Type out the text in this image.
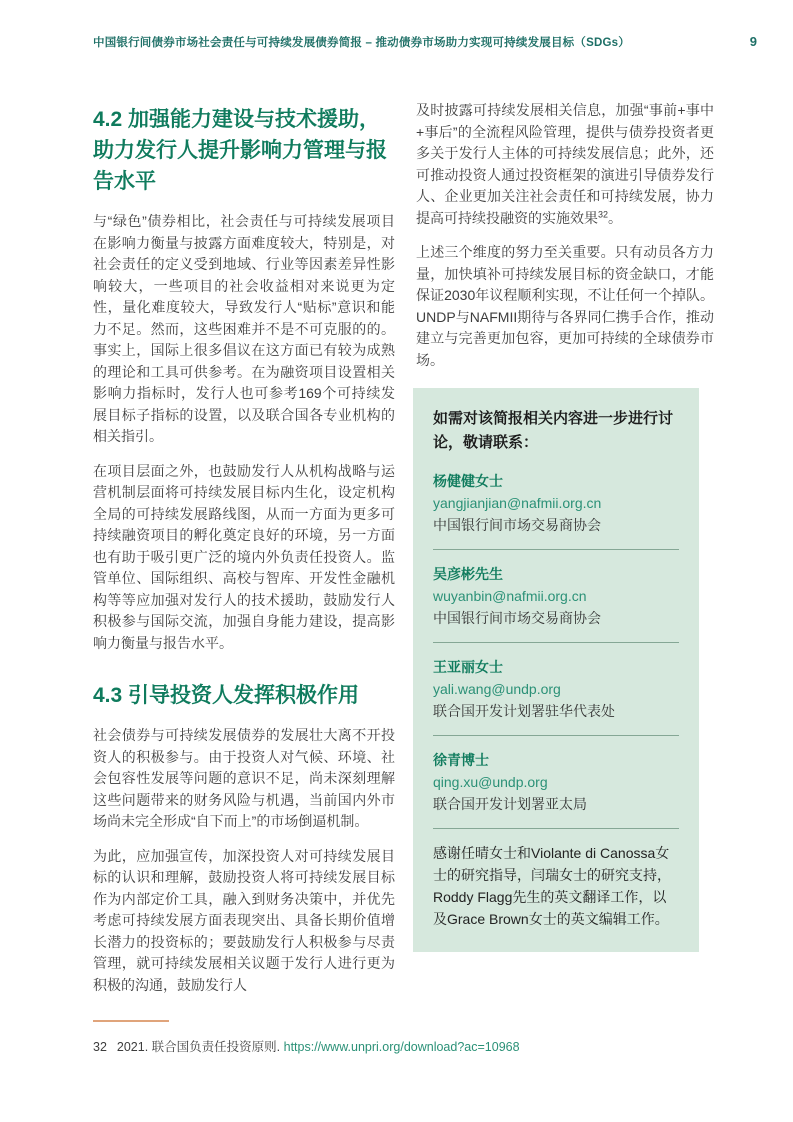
中国银行间债券市场社会责任与可持续发展债券简报 – 推动债券市场助力实现可持续发展目标（SDGs）	9
4.2 加强能力建设与技术援助，助力发行人提升影响力管理与报告水平

与“绿色”债券相比，社会责任与可持续发展项目在影响力衡量与披露方面难度较大，特别是，对社会责任的定义受到地域、行业等因素差异性影响较大，一些项目的社会收益相对来说更为定性，量化难度较大，导致发行人“贴标”意识和能力不足。然而，这些困难并不是不可克服的的。事实上，国际上很多倡议在这方面已有较为成熟的理论和工具可供参考。在为融资项目设置相关影响力指标时，发行人也可参考169个可持续发展目标子指标的设置，以及联合国各专业机构的相关指引。

在项目层面之外，也鼓励发行人从机构战略与运营机制层面将可持续发展目标内生化，设定机构全局的可持续发展路线图，从而一方面为更多可持续融资项目的孵化奠定良好的环境，另一方面也有助于吸引更广泛的境内外负责任投资人。监管单位、国际组织、高校与智库、开发性金融机构等等应加强对发行人的技术援助，鼓励发行人积极参与国际交流，加强自身能力建设，提高影响力衡量与报告水平。

4.3 引导投资人发挥积极作用

社会债券与可持续发展债券的发展壮大离不开投资人的积极参与。由于投资人对气候、环境、社会包容性发展等问题的意识不足，尚未深刻理解这些问题带来的财务风险与机遇，当前国内外市场尚未完全形成“自下而上”的市场倒逼机制。

为此，应加强宣传，加深投资人对可持续发展目标的认识和理解，鼓励投资人将可持续发展目标作为内部定价工具，融入到财务决策中，并优先考虑可持续发展方面表现突出、具备长期价值增长潜力的投资标的；要鼓励发行人积极参与尽责管理，就可持续发展相关议题于发行人进行更为积极的沟通，鼓励发行人

及时披露可持续发展相关信息，加强“事前+事中+事后”的全流程风险管理，提供与债券投资者更多关于发行人主体的可持续发展信息；此外，还可推动投资人通过投资框架的演进引导债券发行人、企业更加关注社会责任和可持续发展，协力提高可持续投融资的实施效果$^{32}$。

上述三个维度的努力至关重要。只有动员各方力量，加快填补可持续发展目标的资金缺口，才能保证2030年议程顺利实现，不让任何一个掉队。UNDP与NAFMII期待与各界同仁携手合作，推动建立与完善更加包容，更加可持续的全球债券市场。

如需对该简报相关内容进一步进行讨论，敬请联系：
杨健健女士
yangjianjian@nafmii.org.cn
中国银行间市场交易商协会
吴彦彬先生
wuyanbin@nafmii.org.cn
中国银行间市场交易商协会
王亚丽女士
yali.wang@undp.org
联合国开发计划署驻华代表处
徐青博士
qing.xu@undp.org
联合国开发计划署亚太局
感谢任晴女士和Violante di Canossa女士的研究指导，闫瑞女士的研究支持，Roddy Flagg先生的英文翻译工作，以及Grace Brown女士的英文编辑工作。
32 2021. 联合国负责任投资原则. https://www.unpri.org/download?ac=10968
